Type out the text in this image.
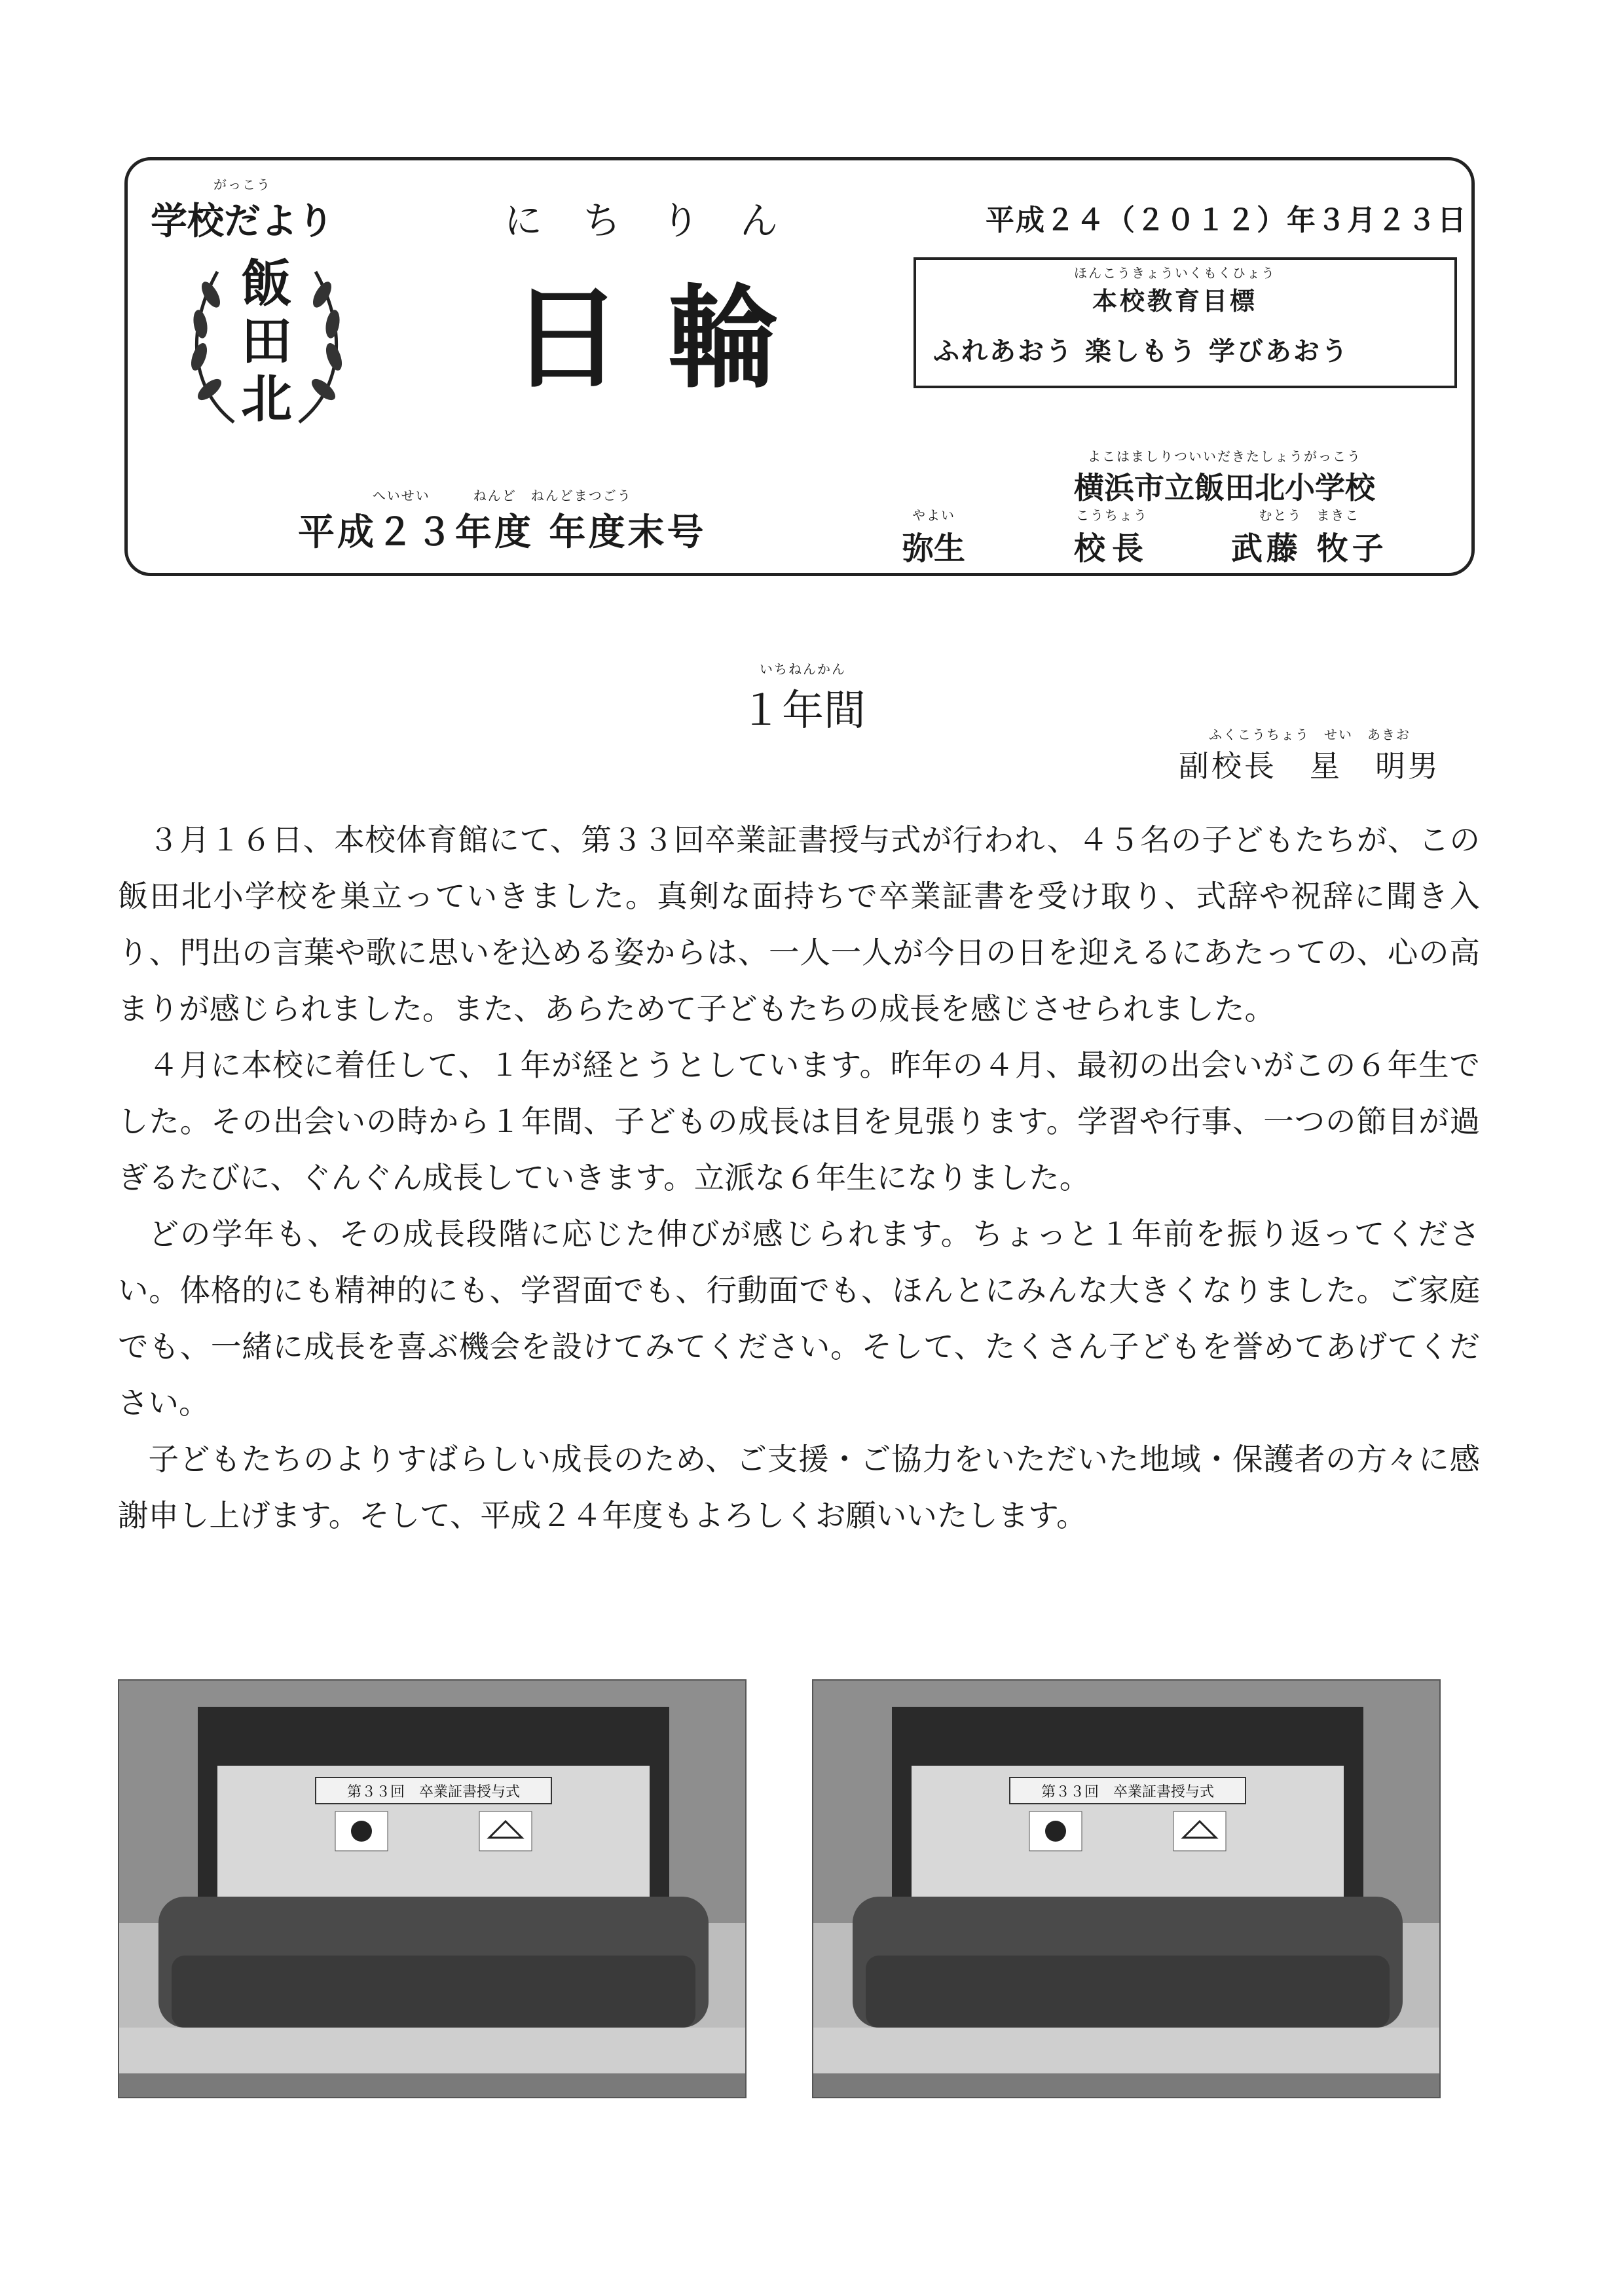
がっこう
学校だより	にちりん	平成２４（２０１２）年３月２３日
飯
田
北 日輪
ほんこうきょういくもくひょう
本校教育目標
ふれあおう 楽しもう 学びあおう
よこはましりついいだきたしょうがっこう
横浜市立飯田北小学校
へいせい　　　ねんど　ねんどまつごう
平成２３年度 年度末号	やよい
弥生
こうちょう
校長
むとう　まきこ
武藤 牧子
いちねんかん
１年間	ふくこうちょう　せい　あきお
副校長　星　明男

３月１６日、本校体育館にて、第３３回卒業証書授与式が行われ、４５名の子どもたちが、この飯田北小学校を巣立っていきました。真剣な面持ちで卒業証書を受け取り、式辞や祝辞に聞き入り、門出の言葉や歌に思いを込める姿からは、一人一人が今日の日を迎えるにあたっての、心の高まりが感じられました。また、あらためて子どもたちの成長を感じさせられました。

４月に本校に着任して、１年が経とうとしています。昨年の４月、最初の出会いがこの６年生でした。その出会いの時から１年間、子どもの成長は目を見張ります。学習や行事、一つの節目が過ぎるたびに、ぐんぐん成長していきます。立派な６年生になりました。

どの学年も、その成長段階に応じた伸びが感じられます。ちょっと１年前を振り返ってください。体格的にも精神的にも、学習面でも、行動面でも、ほんとにみんな大きくなりました。ご家庭でも、一緒に成長を喜ぶ機会を設けてみてください。そして、たくさん子どもを誉めてあげてください。

子どもたちのよりすばらしい成長のため、ご支援・ご協力をいただいた地域・保護者の方々に感謝申し上げます。そして、平成２４年度もよろしくお願いいたします。

第３３回　卒業証書授与式	第３３回　卒業証書授与式
